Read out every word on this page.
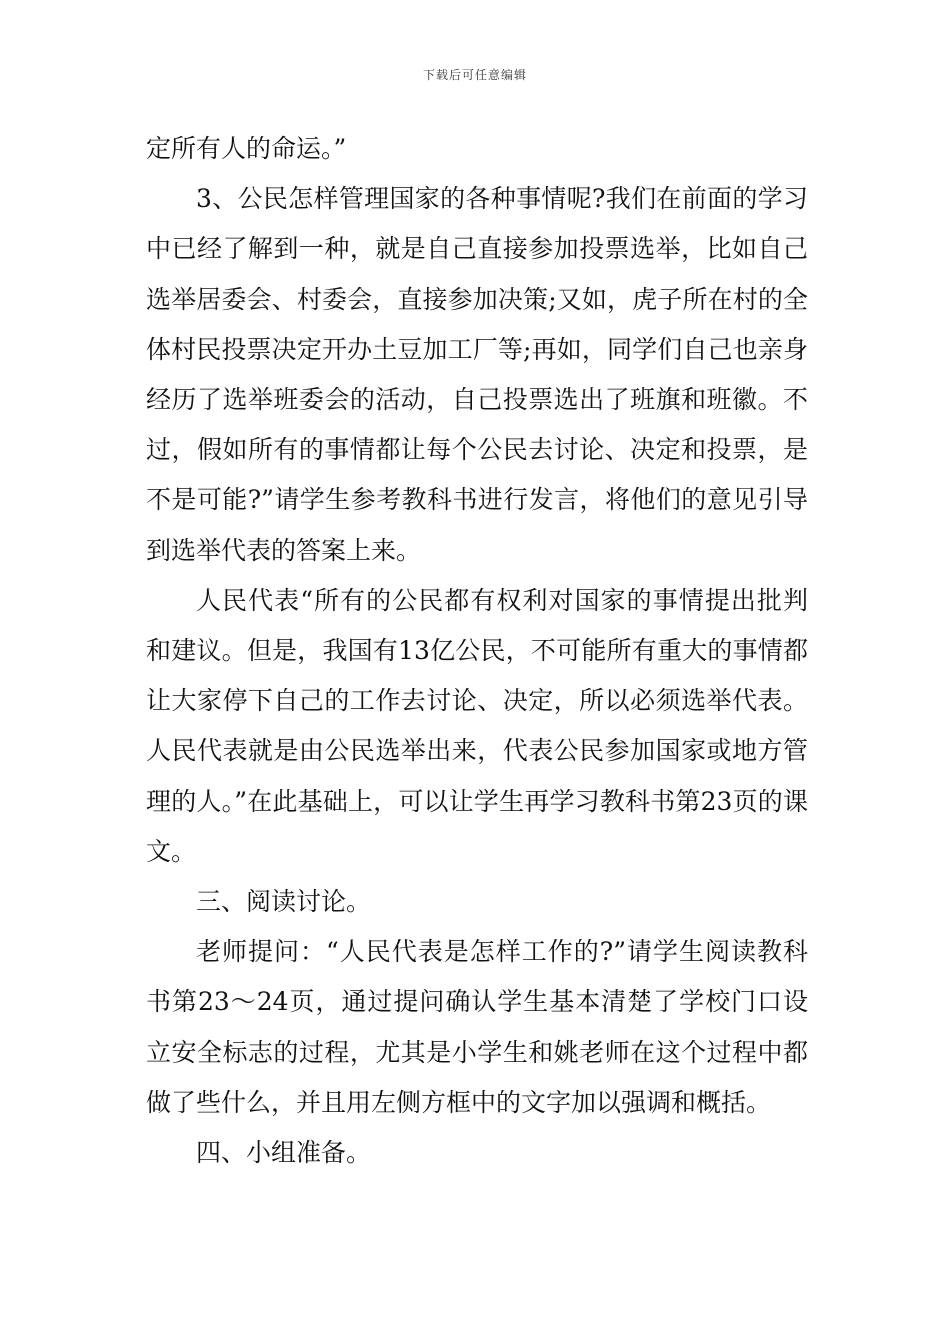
下载后可任意编辑

定所有人的命运。”

3、公民怎样管理国家的各种事情呢?我们在前面的学习中已经了解到一种，就是自己直接参加投票选举，比如自己选举居委会、村委会，直接参加决策;又如，虎子所在村的全体村民投票决定开办土豆加工厂等;再如，同学们自己也亲身经历了选举班委会的活动，自己投票选出了班旗和班徽。不过，假如所有的事情都让每个公民去讨论、决定和投票，是不是可能?”请学生参考教科书进行发言，将他们的意见引导到选举代表的答案上来。

人民代表“所有的公民都有权利对国家的事情提出批判和建议。但是，我国有13亿公民，不可能所有重大的事情都让大家停下自己的工作去讨论、决定，所以必须选举代表。人民代表就是由公民选举出来，代表公民参加国家或地方管理的人。”在此基础上，可以让学生再学习教科书第23页的课文。

三、阅读讨论。

老师提问：“人民代表是怎样工作的?”请学生阅读教科书第23～24页，通过提问确认学生基本清楚了学校门口设立安全标志的过程，尤其是小学生和姚老师在这个过程中都做了些什么，并且用左侧方框中的文字加以强调和概括。

四、小组准备。
